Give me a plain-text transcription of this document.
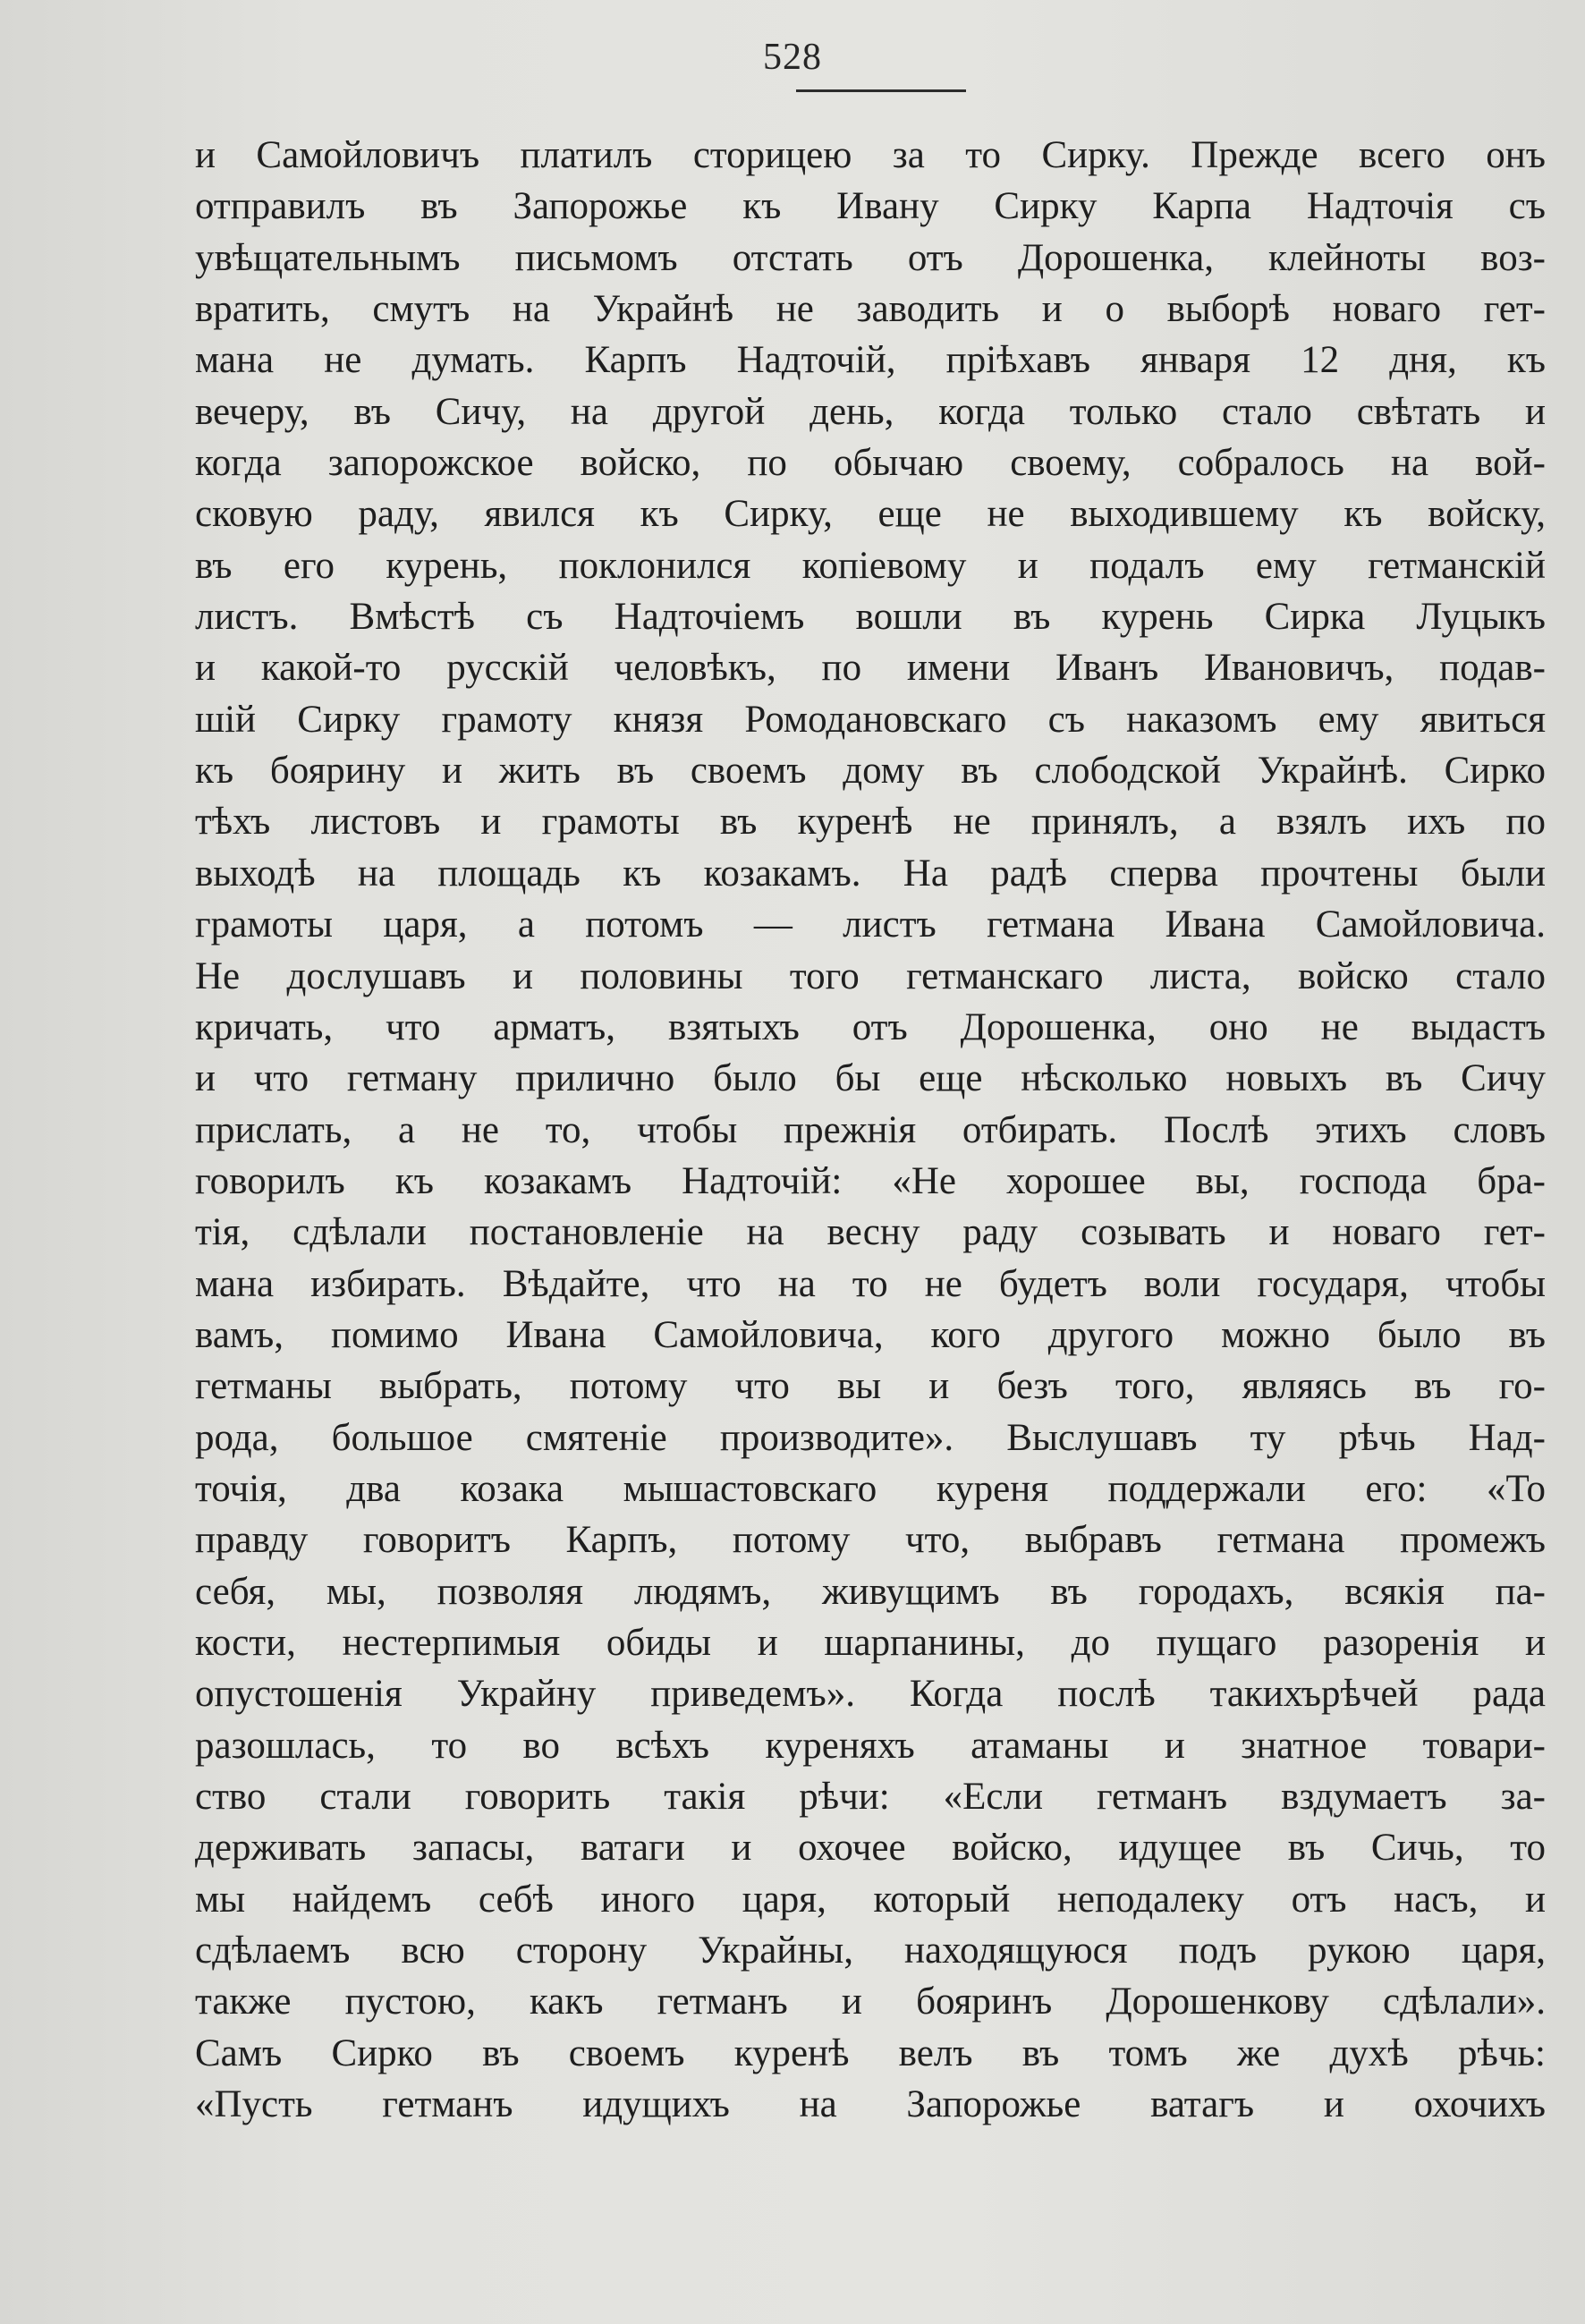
528
и Самойловичъ платилъ сторицею за то Сирку. Прежде всего онъ
отправилъ въ Запорожье къ Ивану Сирку Карпа Надточія съ
увѣщательнымъ письмомъ отстать отъ Дорошенка, клейноты воз-
вратить, смутъ на Украйнѣ не заводить и о выборѣ новаго гет-
мана не думать. Карпъ Надточій, пріѣхавъ января 12 дня, къ
вечеру, въ Сичу, на другой день, когда только стало свѣтать и
когда запорожское войско, по обычаю своему, собралось на вой-
сковую раду, явился къ Сирку, еще не выходившему къ войску,
въ его курень, поклонился копіевому и подалъ ему гетманскій
листъ. Вмѣстѣ съ Надточіемъ вошли въ курень Сирка Луцыкъ
и какой-то русскій человѣкъ, по имени Иванъ Ивановичъ, подав-
шій Сирку грамоту князя Ромодановскаго съ наказомъ ему явиться
къ боярину и жить въ своемъ дому въ слободской Украйнѣ. Сирко
тѣхъ листовъ и грамоты въ куренѣ не принялъ, а взялъ ихъ по
выходѣ на площадь къ козакамъ. На радѣ сперва прочтены были
грамоты царя, а потомъ — листъ гетмана Ивана Самойловича.
Не дослушавъ и половины того гетманскаго листа, войско стало
кричать, что арматъ, взятыхъ отъ Дорошенка, оно не выдастъ
и что гетману прилично было бы еще нѣсколько новыхъ въ Сичу
прислать, а не то, чтобы прежнія отбирать. Послѣ этихъ словъ
говорилъ къ козакамъ Надточій: «Не хорошее вы, господа бра-
тія, сдѣлали постановленіе на весну раду созывать и новаго гет-
мана избирать. Вѣдайте, что на то не будетъ воли государя, чтобы
вамъ, помимо Ивана Самойловича, кого другого можно было въ
гетманы выбрать, потому что вы и безъ того, являясь въ го-
рода, большое смятеніе производите». Выслушавъ ту рѣчь Над-
точія, два козака мышастовскаго куреня поддержали его: «То
правду говоритъ Карпъ, потому что, выбравъ гетмана промежъ
себя, мы, позволяя людямъ, живущимъ въ городахъ, всякія па-
кости, нестерпимыя обиды и шарпанины, до пущаго разоренія и
опустошенія Украйну приведемъ». Когда послѣ такихърѣчей рада
разошлась, то во всѣхъ куреняхъ атаманы и знатное товари-
ство стали говорить такія рѣчи: «Если гетманъ вздумаетъ за-
держивать запасы, ватаги и охочее войско, идущее въ Сичь, то
мы найдемъ себѣ иного царя, который неподалеку отъ насъ, и
сдѣлаемъ всю сторону Украйны, находящуюся подъ рукою царя,
также пустою, какъ гетманъ и бояринъ Дорошенкову сдѣлали».
Самъ Сирко въ своемъ куренѣ велъ въ томъ же духѣ рѣчь:
«Пусть гетманъ идущихъ на Запорожье ватагъ и охочихъ
